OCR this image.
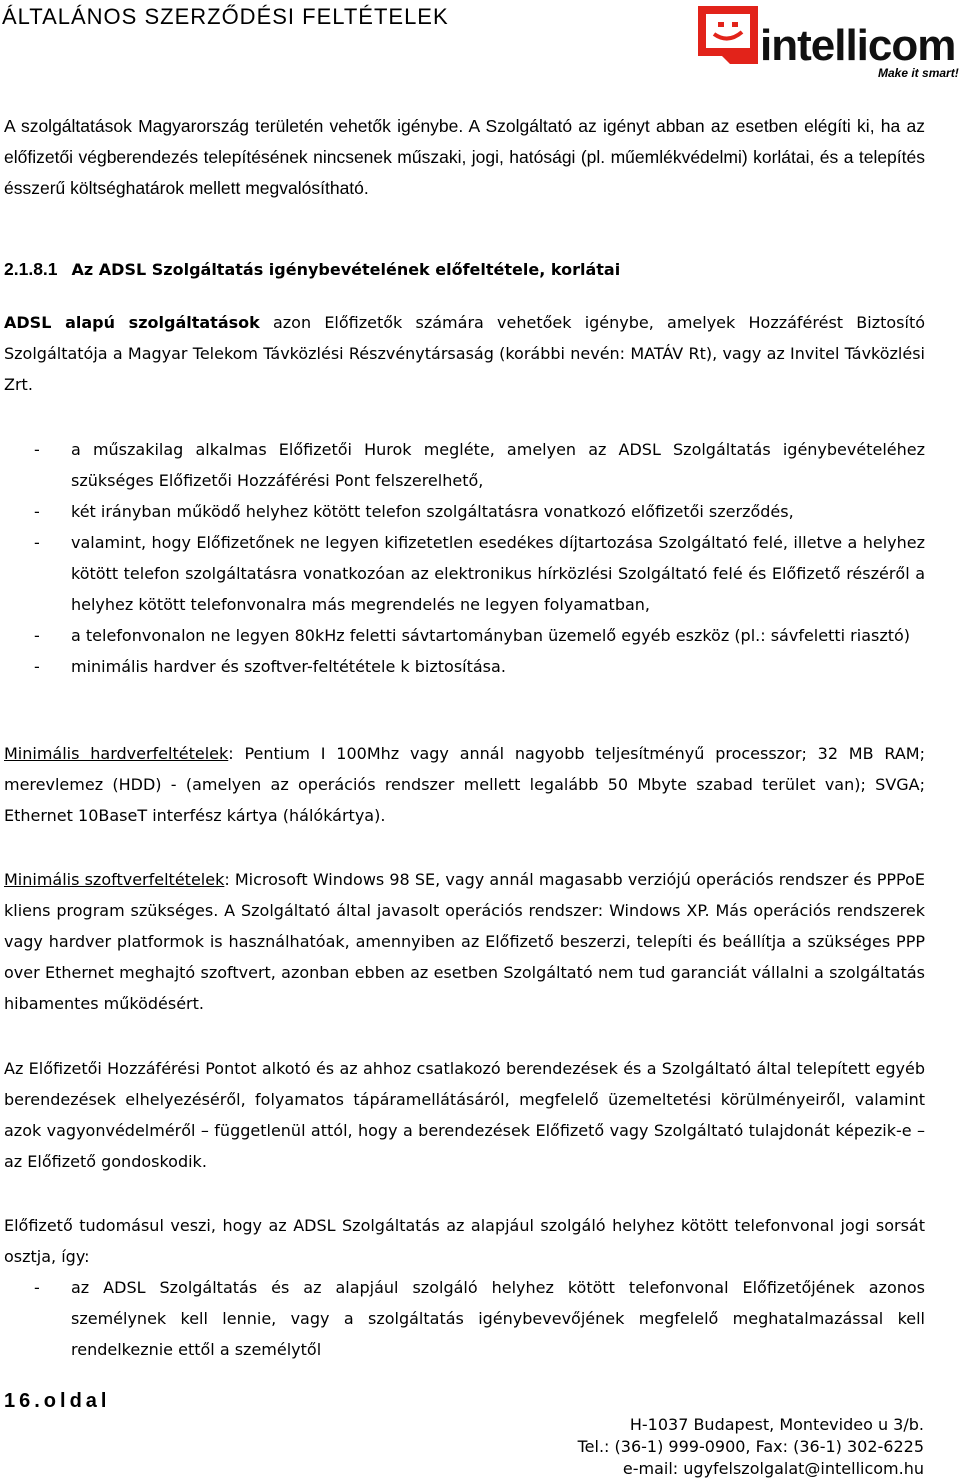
ÁLTALÁNOS SZERZŐDÉSI FELTÉTELEK
intellicom
Make it smart!
A szolgáltatások Magyarország területén vehetők igénybe. A Szolgáltató az igényt abban az esetben elégíti ki, ha az előfizetői végberendezés telepítésének nincsenek műszaki, jogi, hatósági (pl. műemlékvédelmi) korlátai, és a telepítés ésszerű költséghatárok mellett megvalósítható.
2.1.8.1 Az ADSL Szolgáltatás igénybevételének előfeltétele, korlátai
ADSL alapú szolgáltatások azon Előfizetők számára vehetőek igénybe, amelyek Hozzáférést Biztosító Szolgáltatója a Magyar Telekom Távközlési Részvénytársaság (korábbi nevén: MATÁV Rt), vagy az Invitel Távközlési Zrt.
- a műszakilag alkalmas Előfizetői Hurok megléte, amelyen az ADSL Szolgáltatás igénybevételéhez szükséges Előfizetői Hozzáférési Pont felszerelhető,
- két irányban működő helyhez kötött telefon szolgáltatásra vonatkozó előfizetői szerződés,
- valamint, hogy Előfizetőnek ne legyen kifizetetlen esedékes díjtartozása Szolgáltató felé, illetve a helyhez kötött telefon szolgáltatásra vonatkozóan az elektronikus hírközlési Szolgáltató felé és Előfizető részéről a helyhez kötött telefonvonalra más megrendelés ne legyen folyamatban,
- a telefonvonalon ne legyen 80kHz feletti sávtartományban üzemelő egyéb eszköz (pl.: sávfeletti riasztó)
- minimális hardver és szoftver-feltététele k biztosítása.
Minimális hardverfeltételek: Pentium I 100Mhz vagy annál nagyobb teljesítményű processzor; 32 MB RAM; merevlemez (HDD) - (amelyen az operációs rendszer mellett legalább 50 Mbyte szabad terület van); SVGA; Ethernet 10BaseT interfész kártya (hálókártya).
Minimális szoftverfeltételek: Microsoft Windows 98 SE, vagy annál magasabb verziójú operációs rendszer és PPPoE kliens program szükséges. A Szolgáltató által javasolt operációs rendszer: Windows XP. Más operációs rendszerek vagy hardver platformok is használhatóak, amennyiben az Előfizető beszerzi, telepíti és beállítja a szükséges PPP over Ethernet meghajtó szoftvert, azonban ebben az esetben Szolgáltató nem tud garanciát vállalni a szolgáltatás hibamentes működésért.
Az Előfizetői Hozzáférési Pontot alkotó és az ahhoz csatlakozó berendezések és a Szolgáltató által telepített egyéb berendezések elhelyezéséről, folyamatos tápáramellátásáról, megfelelő üzemeltetési körülményeiről, valamint azok vagyonvédelméről – függetlenül attól, hogy a berendezések Előfizető vagy Szolgáltató tulajdonát képezik-e – az Előfizető gondoskodik.
Előfizető tudomásul veszi, hogy az ADSL Szolgáltatás az alapjául szolgáló helyhez kötött telefonvonal jogi sorsát osztja, így:
- az ADSL Szolgáltatás és az alapjául szolgáló helyhez kötött telefonvonal Előfizetőjének azonos személynek kell lennie, vagy a szolgáltatás igénybevevőjének megfelelő meghatalmazással kell rendelkeznie ettől a személytől
16.oldal
H-1037 Budapest, Montevideo u 3/b.
Tel.: (36-1) 999-0900, Fax: (36-1) 302-6225
e-mail: ugyfelszolgalat@intellicom.hu
